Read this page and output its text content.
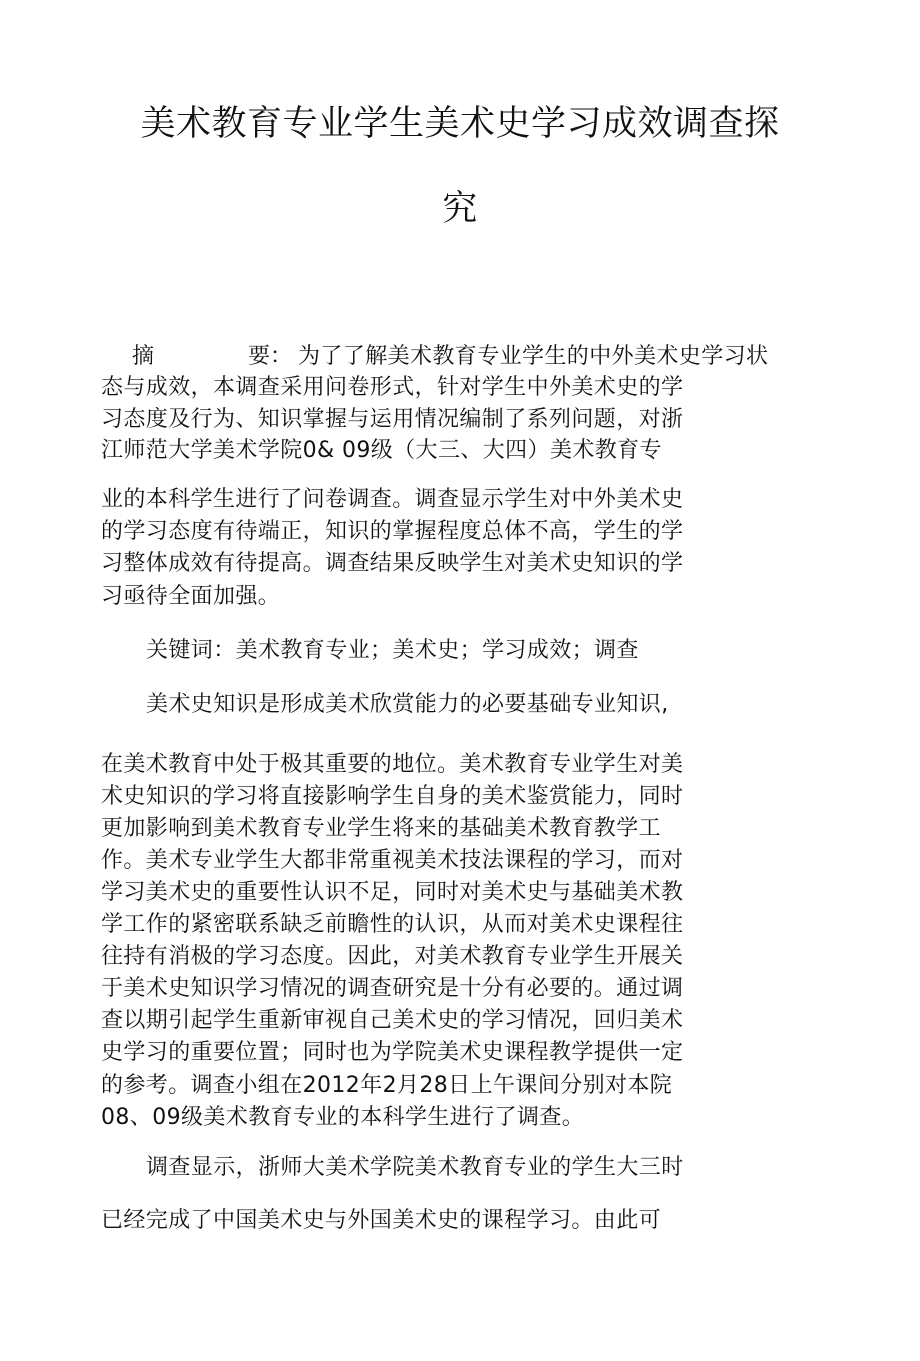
美术教育专业学生美术史学习成效调查探
究
摘	要： 为了了解美术教育专业学生的中外美术史学习状
态与成效，本调查采用问卷形式，针对学生中外美术史的学
习态度及行为、知识掌握与运用情况编制了系列问题，对浙
江师范大学美术学院0& 09级（大三、大四）美术教育专
业的本科学生进行了问卷调查。调查显示学生对中外美术史
的学习态度有待端正，知识的掌握程度总体不高，学生的学
习整体成效有待提高。调查结果反映学生对美术史知识的学
习亟待全面加强。
关键词：美术教育专业；美术史；学习成效；调查
美术史知识是形成美术欣赏能力的必要基础专业知识,
在美术教育中处于极其重要的地位。美术教育专业学生对美
术史知识的学习将直接影响学生自身的美术鉴赏能力，同时
更加影响到美术教育专业学生将来的基础美术教育教学工
作。美术专业学生大都非常重视美术技法课程的学习，而对
学习美术史的重要性认识不足，同时对美术史与基础美术教
学工作的紧密联系缺乏前瞻性的认识，从而对美术史课程往
往持有消极的学习态度。因此，对美术教育专业学生开展关
于美术史知识学习情况的调查研究是十分有必要的。通过调
查以期引起学生重新审视自己美术史的学习情况，回归美术
史学习的重要位置；同时也为学院美术史课程教学提供一定
的参考。调查小组在2012年2月28日上午课间分别对本院
08、09级美术教育专业的本科学生进行了调查。
调查显示，浙师大美术学院美术教育专业的学生大三时
已经完成了中国美术史与外国美术史的课程学习。由此可
